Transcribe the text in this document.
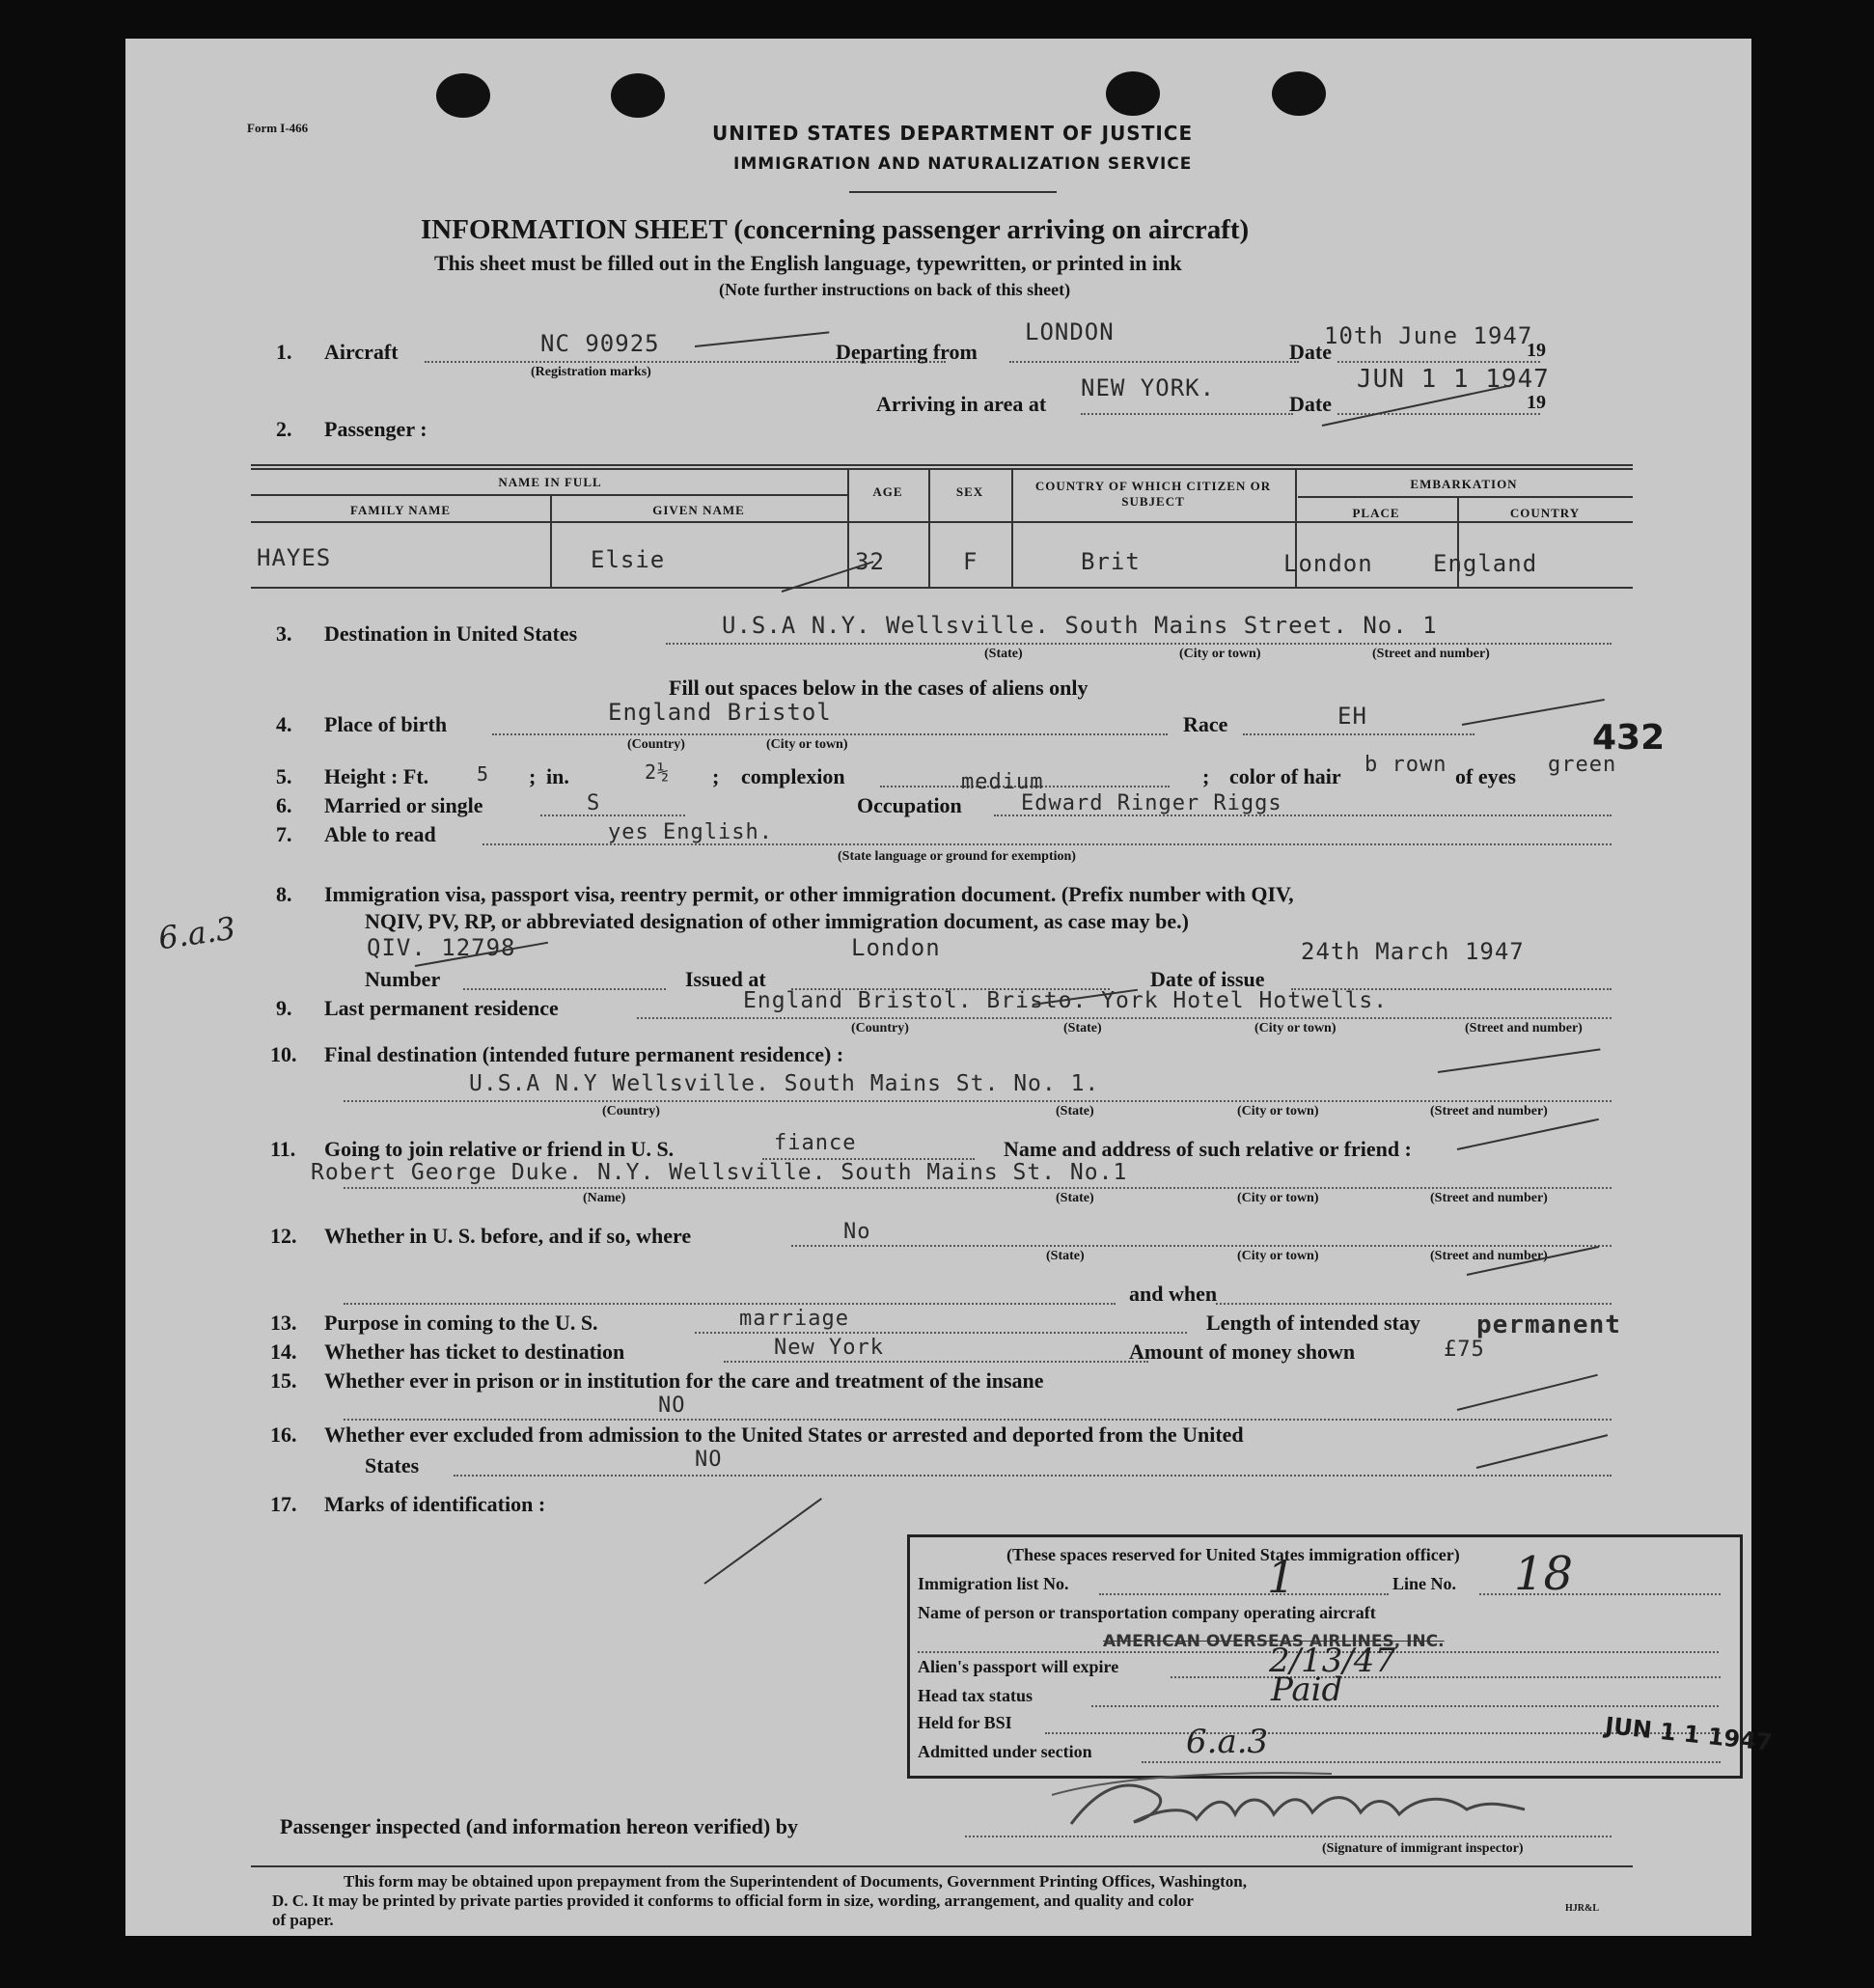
Form I-466	UNITED STATES DEPARTMENT OF JUSTICE
IMMIGRATION AND NATURALIZATION SERVICE
INFORMATION SHEET (concerning passenger arriving on aircraft)
This sheet must be filled out in the English language, typewritten, or printed in ink
(Note further instructions on back of this sheet)
1. Aircraft	NC 90925
(Registration marks)
Departing from
LONDON
Date
10th June 1947
19
Arriving in area at
NEW YORK.
Date
JUN 1 1 1947
19
2. Passenger :
NAME IN FULL
FAMILY NAME	GIVEN NAME
AGE	SEX	COUNTRY OF WHICH CITIZEN OR SUBJECT
EMBARKATION
PLACE	COUNTRY
HAYES	Elsie	32	F	Brit	London	England
3. Destination in United States	U.S.A N.Y. Wellsville. South Mains Street. No. 1
(State)	(City or town)	(Street and number)
Fill out spaces below in the cases of aliens only
4. Place of birth	England Bristol
(Country)	(City or town)
Race	EH
432
5. Height : Ft. 5 ; in.	2½ ; complexion	medium	; color of hair b rown of eyes green
6. Married or single	S	Occupation	Edward Ringer Riggs
7. Able to read	yes English.
(State language or ground for exemption)
8. Immigration visa, passport visa, reentry permit, or other immigration document. (Prefix number with QIV,
NQIV, PV, RP, or abbreviated designation of other immigration document, as case may be.)
6.a.3	QIV. 12798	London	24th March 1947
Number	Issued at	Date of issue
9. Last permanent residence	England Bristol. Bristo. York Hotel Hotwells.
(Country)	(State)	(City or town)	(Street and number)
10. Final destination (intended future permanent residence) :
U.S.A N.Y Wellsville. South Mains St. No. 1.
(Country)	(State)	(City or town)	(Street and number)
11. Going to join relative or friend in U. S.	fiance	Name and address of such relative or friend :
Robert George Duke. N.Y. Wellsville. South Mains St. No.1
(Name)	(State)	(City or town)	(Street and number)
12. Whether in U. S. before, and if so, where	No
(State)	(City or town)	(Street and number)
and when
13. Purpose in coming to the U. S.	marriage	Length of intended stay permanent
14. Whether has ticket to destination	New York	Amount of money shown	£75
15. Whether ever in prison or in institution for the care and treatment of the insane
NO
16. Whether ever excluded from admission to the United States or arrested and deported from the United
States	NO
17. Marks of identification :
(These spaces reserved for United States immigration officer)
Immigration list No.	1	Line No. 18
Name of person or transportation company operating aircraft
AMERICAN OVERSEAS AIRLINES, INC.
Alien's passport will expire	2/13/47
Head tax status	Paid
Held for BSI
Admitted under section	6.a.3	JUN 1 1 1947
Passenger inspected (and information hereon verified) by
(Signature of immigrant inspector)
This form may be obtained upon prepayment from the Superintendent of Documents, Government Printing Offices, Washington,
D. C. It may be printed by private parties provided it conforms to official form in size, wording, arrangement, and quality and color
of paper.
HJR&L
